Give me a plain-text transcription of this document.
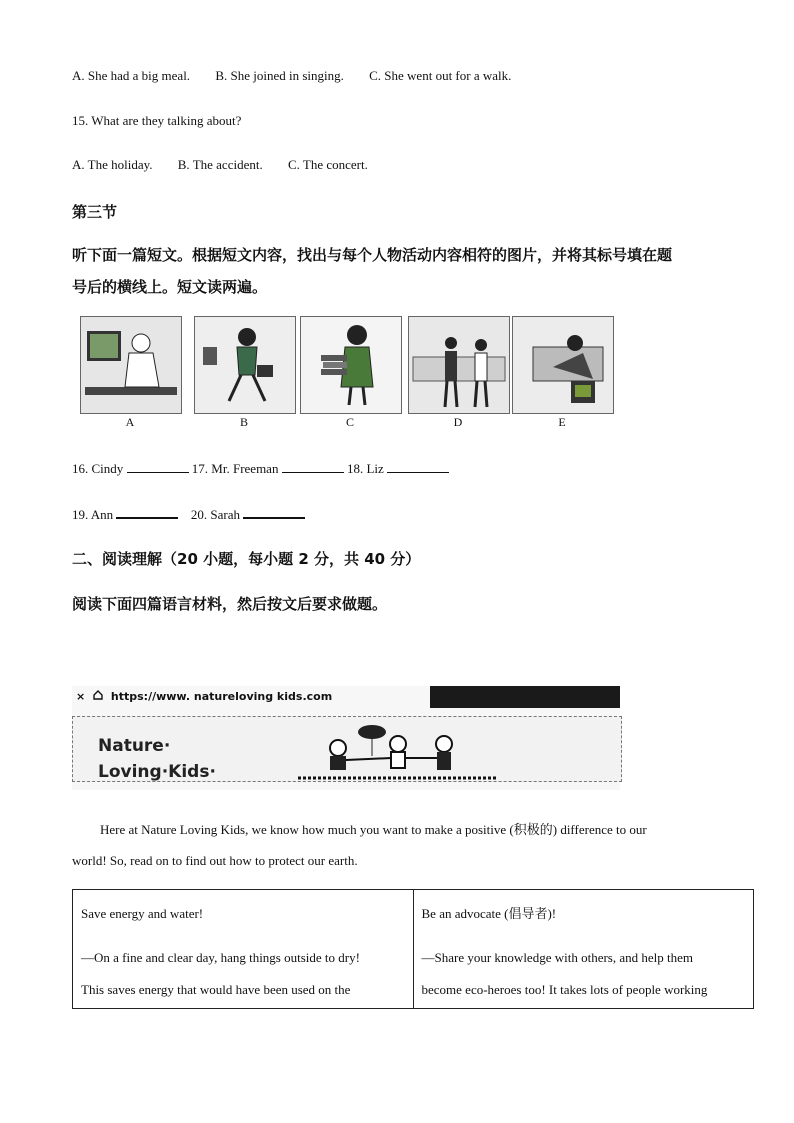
A. She had a big meal. B. She joined in singing. C. She went out for a walk.
15. What are they talking about?
A. The holiday. B. The accident. C. The concert.
第三节
听下面一篇短文。根据短文内容，找出与每个人物活动内容相符的图片，并将其标号填在题
号后的横线上。短文读两遍。
A	B	C	D	E
16. Cindy	17. Mr. Freeman	18. Liz
19. Ann	20. Sarah
二、阅读理解（20 小题，每小题 2 分，共 40 分）
阅读下面四篇语言材料，然后按文后要求做题。
× https://www. natureloving kids.com
Nature·
Loving·Kids·
Here at Nature Loving Kids, we know how much you want to make a positive (积极的) difference to our
world! So, read on to find out how to protect our earth.
Save energy and water!
—On a fine and clear day, hang things outside to dry!
This saves energy that would have been used on the

Be an advocate (倡导者)!
—Share your knowledge with others, and help them
become eco-heroes too! It takes lots of people working
